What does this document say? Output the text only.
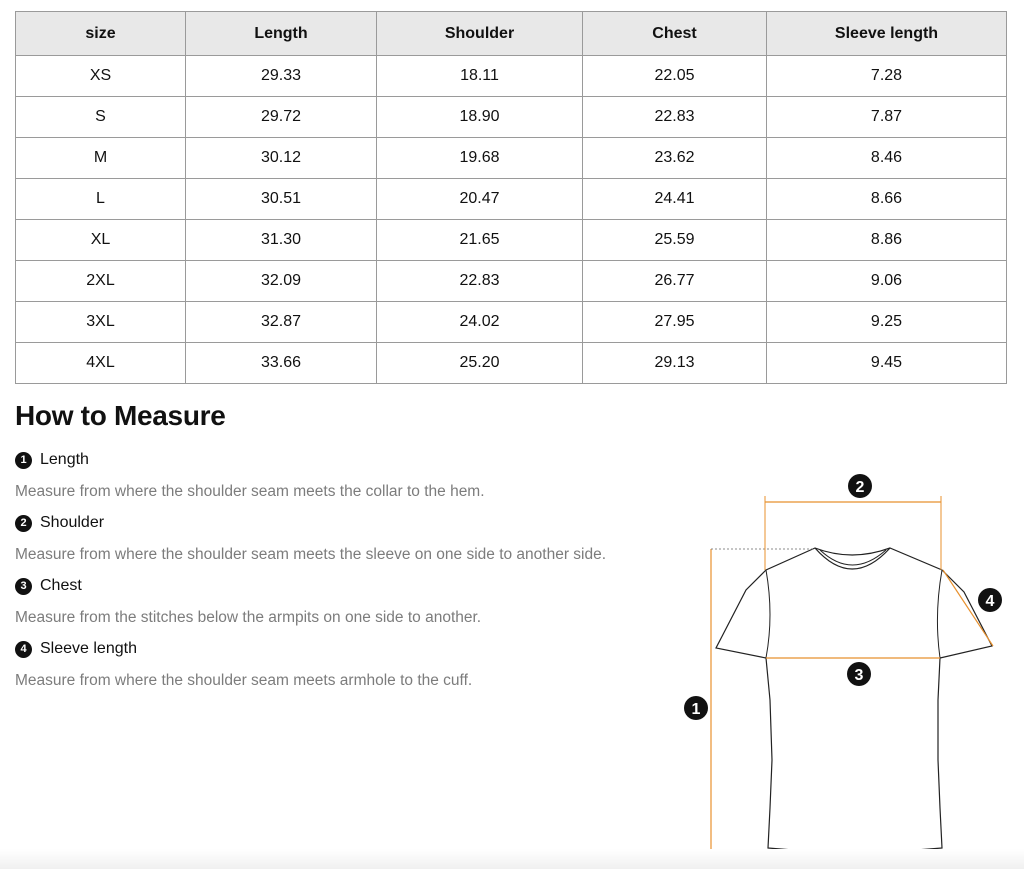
size	Length	Shoulder	Chest	Sleeve length
XS	29.33	18.11	22.05	7.28
S	29.72	18.90	22.83	7.87
M	30.12	19.68	23.62	8.46
L	30.51	20.47	24.41	8.66
XL	31.30	21.65	25.59	8.86
2XL	32.09	22.83	26.77	9.06
3XL	32.87	24.02	27.95	9.25
4XL	33.66	25.20	29.13	9.45
How to Measure
1 Length
Measure from where the shoulder seam meets the collar to the hem.
2 Shoulder
Measure from where the shoulder seam meets the sleeve on one side to another side.
3 Chest
Measure from the stitches below the armpits on one side to another.
4 Sleeve length
Measure from where the shoulder seam meets armhole to the cuff.
1
2
3
4
